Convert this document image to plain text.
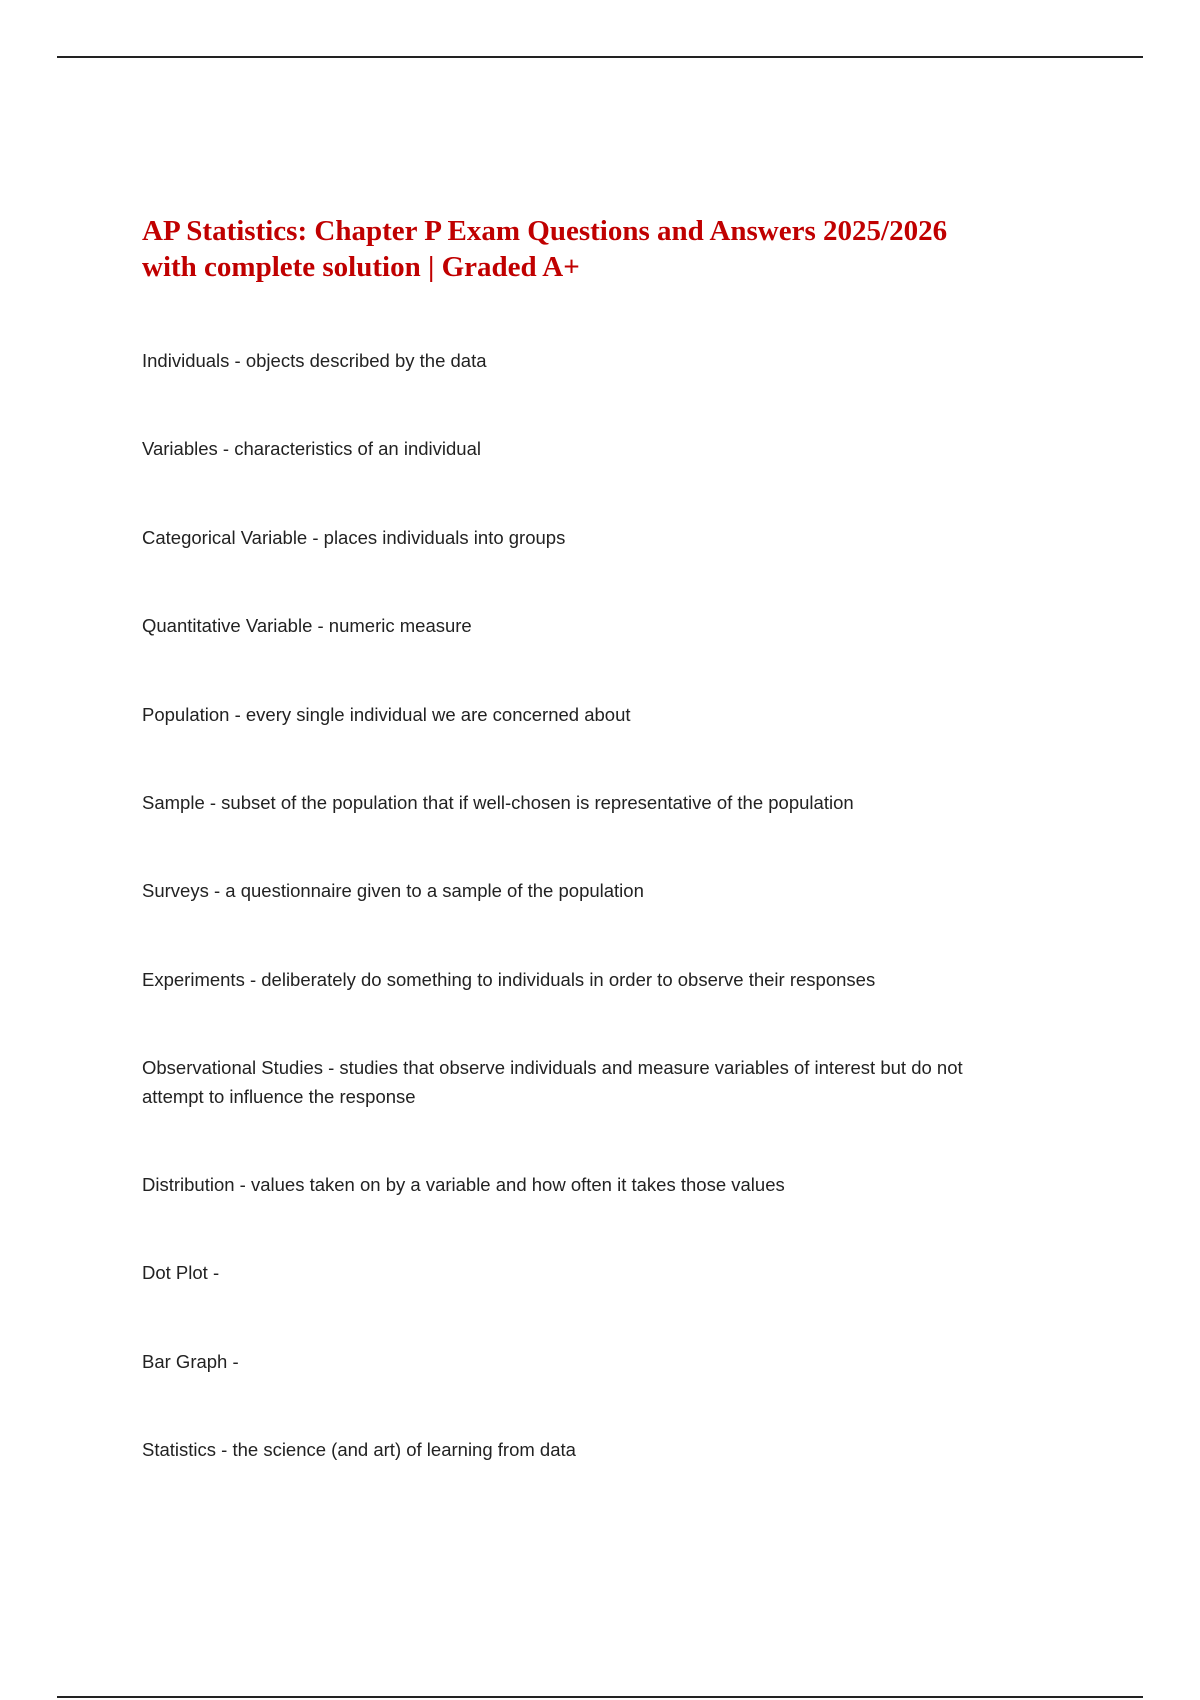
AP Statistics: Chapter P Exam Questions and Answers 2025/2026
with complete solution | Graded A+
Individuals - objects described by the data
Variables - characteristics of an individual
Categorical Variable - places individuals into groups
Quantitative Variable - numeric measure
Population - every single individual we are concerned about
Sample - subset of the population that if well-chosen is representative of the population
Surveys - a questionnaire given to a sample of the population
Experiments - deliberately do something to individuals in order to observe their responses
Observational Studies - studies that observe individuals and measure variables of interest but do not
attempt to influence the response
Distribution - values taken on by a variable and how often it takes those values
Dot Plot -
Bar Graph -
Statistics - the science (and art) of learning from data
